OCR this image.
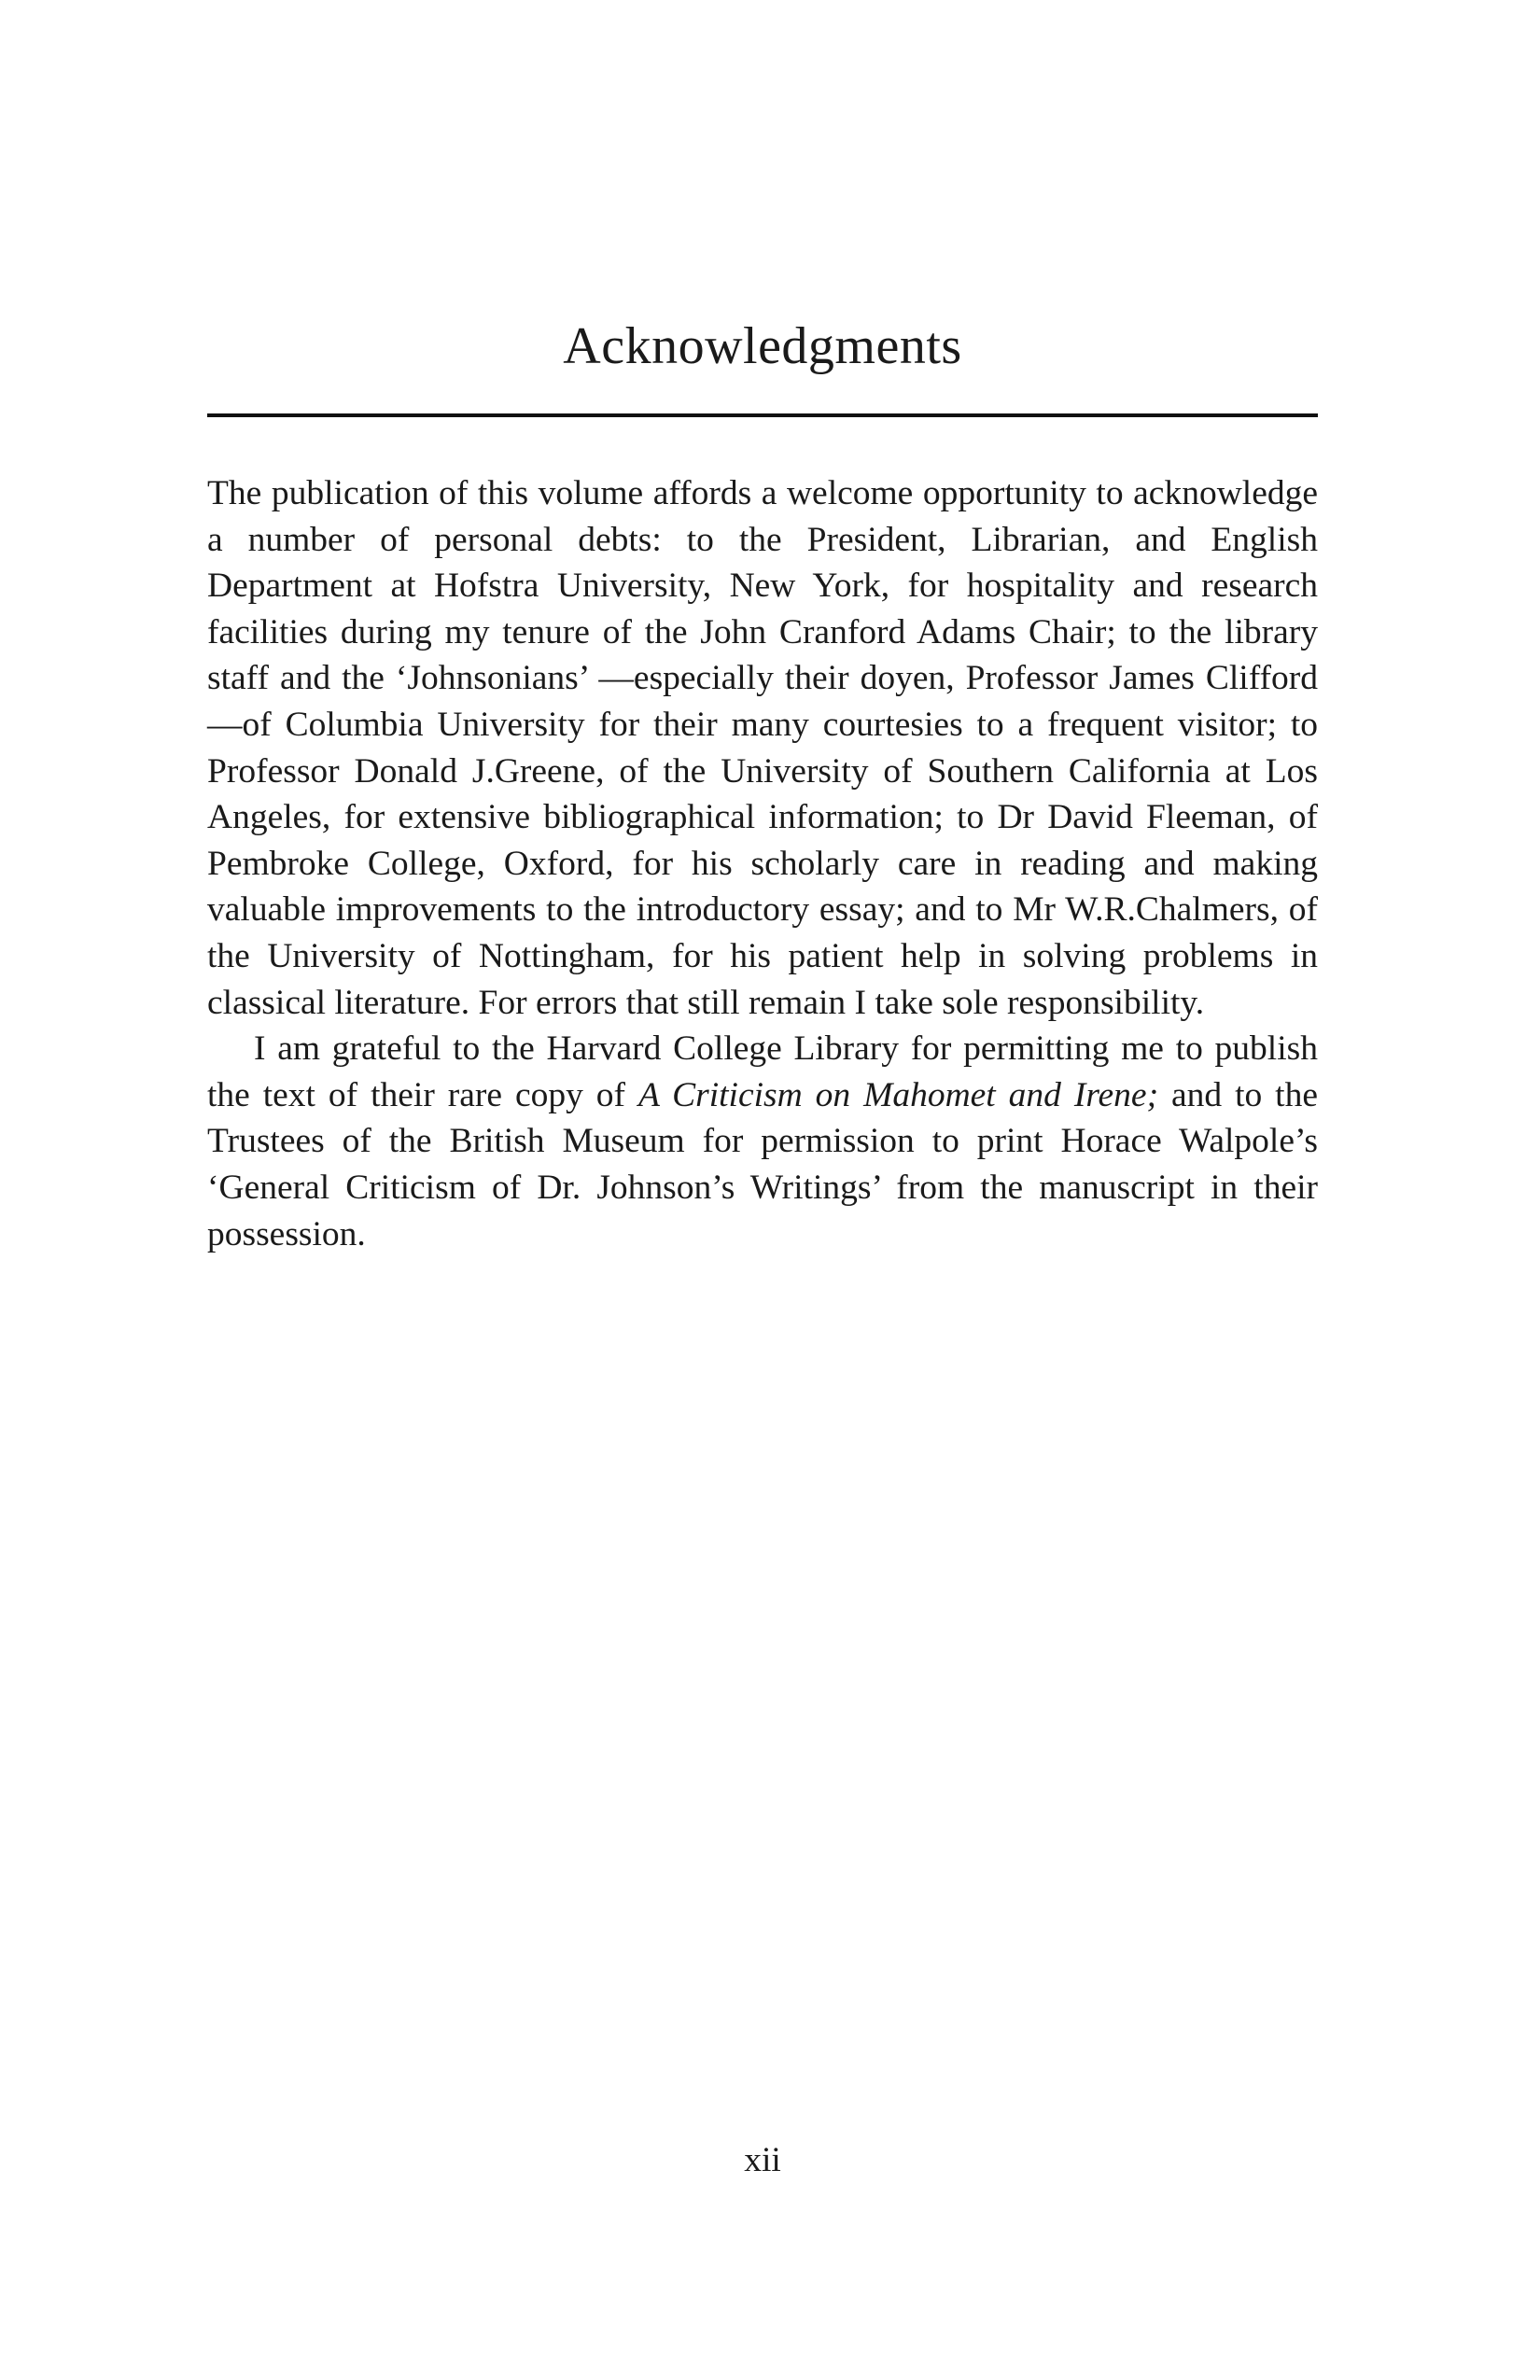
Acknowledgments

The publication of this volume affords a welcome opportunity to acknowledge a number of personal debts: to the President, Librarian, and English Department at Hofstra University, New York, for hospitality and research facilities during my tenure of the John Cranford Adams Chair; to the library staff and the ‘Johnsonians’ —especially their doyen, Professor James Clifford—of Columbia University for their many courtesies to a frequent visitor; to Professor Donald J.Greene, of the University of Southern California at Los Angeles, for extensive bibliographical information; to Dr David Fleeman, of Pembroke College, Oxford, for his scholarly care in reading and making valuable improvements to the introductory essay; and to Mr W.R.Chalmers, of the University of Nottingham, for his patient help in solving problems in classical literature. For errors that still remain I take sole responsibility.

I am grateful to the Harvard College Library for permitting me to publish the text of their rare copy of A Criticism on Mahomet and Irene; and to the Trustees of the British Museum for permission to print Horace Walpole’s ‘General Criticism of Dr. Johnson’s Writings’ from the manuscript in their possession.

xii
